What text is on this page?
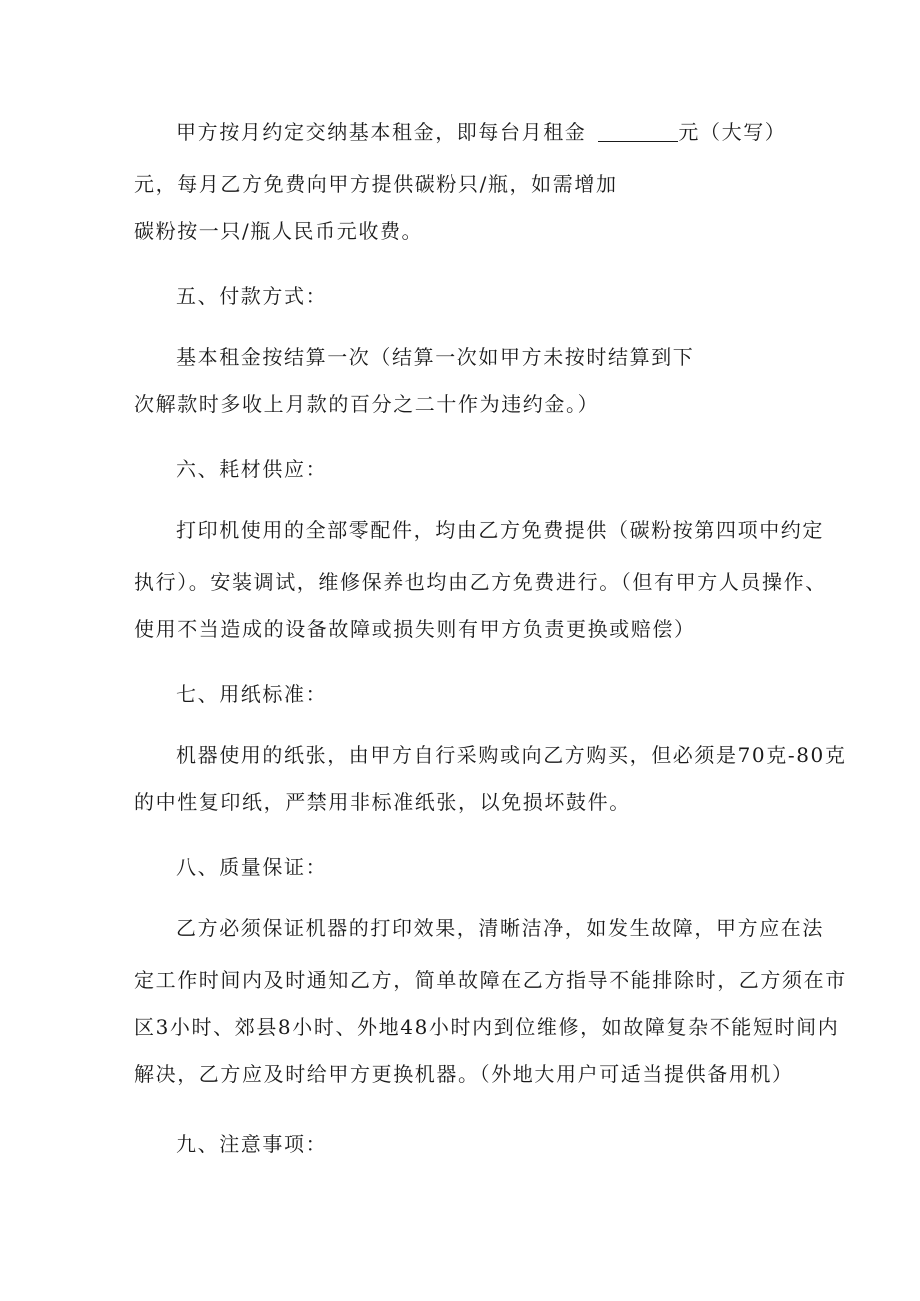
甲方按月约定交纳基本租金，即每台月租金	元（大写）
元，每月乙方免费向甲方提供碳粉只/瓶，如需增加
碳粉按一只/瓶人民币元收费。
五、付款方式：
基本租金按结算一次（结算一次如甲方未按时结算到下
次解款时多收上月款的百分之二十作为违约金。）
六、耗材供应：
打印机使用的全部零配件，均由乙方免费提供（碳粉按第四项中约定
执行）。安装调试，维修保养也均由乙方免费进行。（但有甲方人员操作、
使用不当造成的设备故障或损失则有甲方负责更换或赔偿）
七、用纸标准：
机器使用的纸张，由甲方自行采购或向乙方购买，但必须是70克-80克
的中性复印纸，严禁用非标准纸张，以免损坏鼓件。
八、质量保证：
乙方必须保证机器的打印效果，清晰洁净，如发生故障，甲方应在法
定工作时间内及时通知乙方，简单故障在乙方指导不能排除时，乙方须在市
区3小时、郊县8小时、外地48小时内到位维修，如故障复杂不能短时间内
解决，乙方应及时给甲方更换机器。（外地大用户可适当提供备用机）
九、注意事项：
